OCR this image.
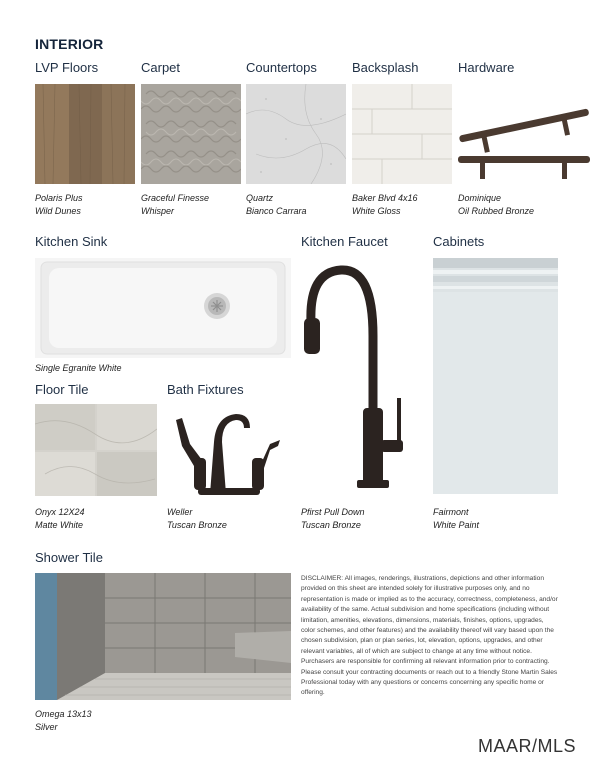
INTERIOR
LVP Floors	Carpet	Countertops	Backsplash	Hardware
Polaris Plus
Wild Dunes
Graceful Finesse
Whisper
Quartz
Bianco Carrara
Baker Blvd 4x16
White Gloss
Dominique
Oil Rubbed Bronze
Kitchen Sink	Kitchen Faucet	Cabinets
Single Egranite White
Pfirst Pull Down
Tuscan Bronze
Fairmont
White Paint
Floor Tile	Bath Fixtures
Onyx 12X24
Matte White
Weller
Tuscan Bronze
Shower Tile
Omega 13x13
Silver
DISCLAIMER: All images, renderings, illustrations, depictions and other information provided on this sheet are intended solely for illustrative purposes only, and no representation is made or implied as to the accuracy, correctness, completeness, and/or availability of the same. Actual subdivision and home specifications (including without limitation, amenities, elevations, dimensions, materials, finishes, options, upgrades, color schemes, and other features) and the availability thereof will vary based upon the chosen subdivision, plan or plan series, lot, elevation, options, upgrades, and other relevant variables, all of which are subject to change at any time without notice. Purchasers are responsible for confirming all relevant information prior to contracting. Please consult your contracting documents or reach out to a friendly Stone Martin Sales Professional today with any questions or concerns concerning any specific home or offering.
MAAR/MLS
